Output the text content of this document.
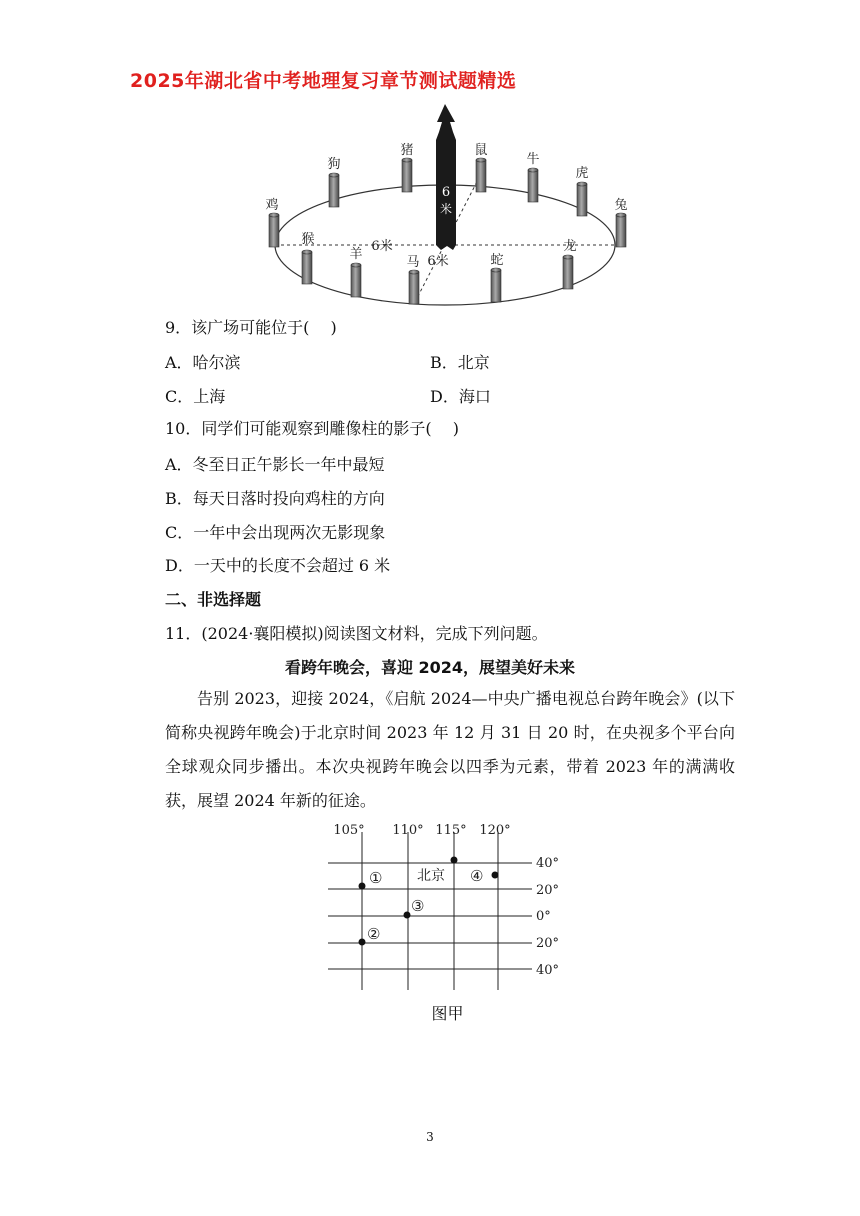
2025年湖北省中考地理复习章节测试题精选
6
米
狗
猪	鼠
牛
虎
兔
鸡
猴
羊
马	蛇
龙
6米
6米
9．该广场可能位于(　 )
A．哈尔滨	B．北京
C．上海	D．海口
10．同学们可能观察到雕像柱的影子(　 )
A．冬至日正午影长一年中最短
B．每天日落时投向鸡柱的方向
C．一年中会出现两次无影现象
D．一天中的长度不会超过 6 米
二、非选择题
11．(2024·襄阳模拟)阅读图文材料，完成下列问题。
看跨年晚会，喜迎 2024，展望美好未来

告别 2023，迎接 2024，《启航 2024—中央广播电视总台跨年晚会》(以下简称央视跨年晚会)于北京时间 2023 年 12 月 31 日 20 时，在央视多个平台向全球观众同步播出。本次央视跨年晚会以四季为元素，带着 2023 年的满满收获，展望 2024 年新的征途。

105° 110° 115° 120°
40°
20°
0°
20°
40°
①
②
③
④
北京
图甲
3
